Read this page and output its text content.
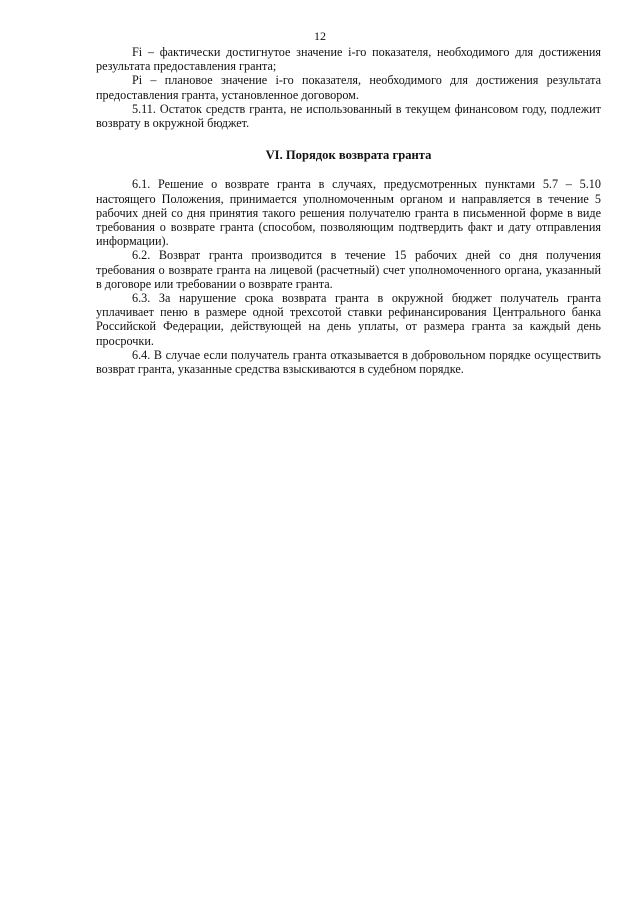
12

Fi – фактически достигнутое значение i-го показателя, необходимого для достижения результата предоставления гранта;

Pi – плановое значение i-го показателя, необходимого для достижения результата предоставления гранта, установленное договором.

5.11. Остаток средств гранта, не использованный в текущем финансовом году, подлежит возврату в окружной бюджет.

VI. Порядок возврата гранта

6.1. Решение о возврате гранта в случаях, предусмотренных пунктами 5.7 – 5.10 настоящего Положения, принимается уполномоченным органом и направляется в течение 5 рабочих дней со дня принятия такого решения получателю гранта в письменной форме в виде требования о возврате гранта (способом, позволяющим подтвердить факт и дату отправления информации).

6.2. Возврат гранта производится в течение 15 рабочих дней со дня получения требования о возврате гранта на лицевой (расчетный) счет уполномоченного органа, указанный в договоре или требовании о возврате гранта.

6.3. За нарушение срока возврата гранта в окружной бюджет получатель гранта уплачивает пеню в размере одной трехсотой ставки рефинансирования Центрального банка Российской Федерации, действующей на день уплаты, от размера гранта за каждый день просрочки.

6.4. В случае если получатель гранта отказывается в добровольном порядке осуществить возврат гранта, указанные средства взыскиваются в судебном порядке.
